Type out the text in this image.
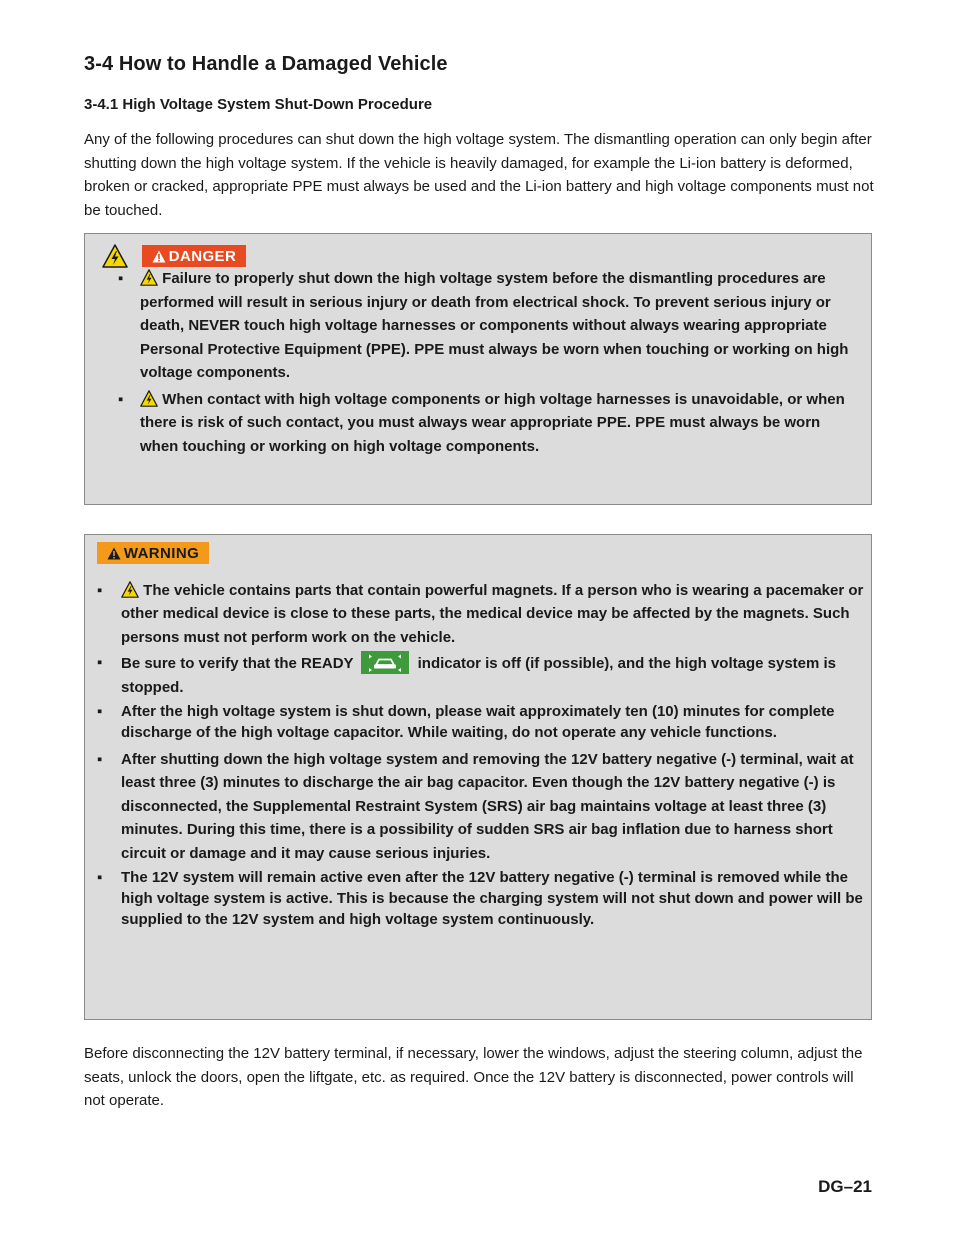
3-4 How to Handle a Damaged Vehicle
3-4.1 High Voltage System Shut-Down Procedure

Any of the following procedures can shut down the high voltage system. The dismantling operation can only begin after shutting down the high voltage system. If the vehicle is heavily damaged, for example the Li-ion battery is deformed, broken or cracked, appropriate PPE must always be used and the Li-ion battery and high voltage components must not be touched.

DANGER
▪	Failure to properly shut down the high voltage system before the dismantling procedures are performed will result in serious injury or death from electrical shock. To prevent serious injury or death, NEVER touch high voltage harnesses or components without always wearing appropriate Personal Protective Equipment (PPE). PPE must always be worn when touching or working on high voltage components.
▪	When contact with high voltage components or high voltage harnesses is unavoidable, or when there is risk of such contact, you must always wear appropriate PPE. PPE must always be worn when touching or working on high voltage components.
WARNING
▪	The vehicle contains parts that contain powerful magnets. If a person who is wearing a pacemaker or other medical device is close to these parts, the medical device may be affected by the magnets. Such persons must not perform work on the vehicle.
▪ Be sure to verify that the READY	indicator is off (if possible), and the high voltage system is stopped.
▪ After the high voltage system is shut down, please wait approximately ten (10) minutes for complete discharge of the high voltage capacitor. While waiting, do not operate any vehicle functions.
▪ After shutting down the high voltage system and removing the 12V battery negative (-) terminal, wait at least three (3) minutes to discharge the air bag capacitor. Even though the 12V battery negative (-) is disconnected, the Supplemental Restraint System (SRS) air bag maintains voltage at least three (3) minutes. During this time, there is a possibility of sudden SRS air bag inflation due to harness short circuit or damage and it may cause serious injuries.
▪ The 12V system will remain active even after the 12V battery negative (-) terminal is removed while the high voltage system is active. This is because the charging system will not shut down and power will be supplied to the 12V system and high voltage system continuously.

Before disconnecting the 12V battery terminal, if necessary, lower the windows, adjust the steering column, adjust the seats, unlock the doors, open the liftgate, etc. as required. Once the 12V battery is disconnected, power controls will not operate.

DG–21
